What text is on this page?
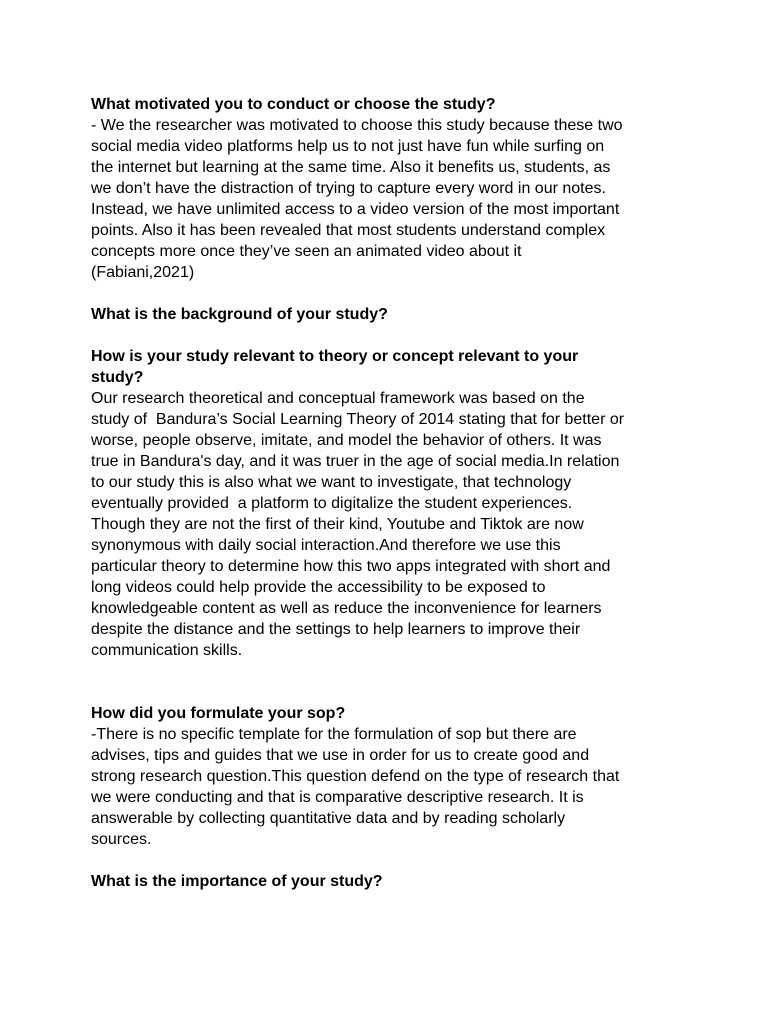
What motivated you to conduct or choose the study?
- We the researcher was motivated to choose this study because these two
social media video platforms help us to not just have fun while surfing on
the internet but learning at the same time. Also it benefits us, students, as
we don’t have the distraction of trying to capture every word in our notes.
Instead, we have unlimited access to a video version of the most important
points. Also it has been revealed that most students understand complex
concepts more once they’ve seen an animated video about it
(Fabiani,2021)
What is the background of your study?
How is your study relevant to theory or concept relevant to your
study?
Our research theoretical and conceptual framework was based on the
study of  Bandura’s Social Learning Theory of 2014 stating that for better or
worse, people observe, imitate, and model the behavior of others. It was
true in Bandura's day, and it was truer in the age of social media.In relation
to our study this is also what we want to investigate, that technology
eventually provided  a platform to digitalize the student experiences.
Though they are not the first of their kind, Youtube and Tiktok are now
synonymous with daily social interaction.And therefore we use this
particular theory to determine how this two apps integrated with short and
long videos could help provide the accessibility to be exposed to
knowledgeable content as well as reduce the inconvenience for learners
despite the distance and the settings to help learners to improve their
communication skills.
How did you formulate your sop?
-There is no specific template for the formulation of sop but there are
advises, tips and guides that we use in order for us to create good and
strong research question.This question defend on the type of research that
we were conducting and that is comparative descriptive research. It is
answerable by collecting quantitative data and by reading scholarly
sources.
What is the importance of your study?
